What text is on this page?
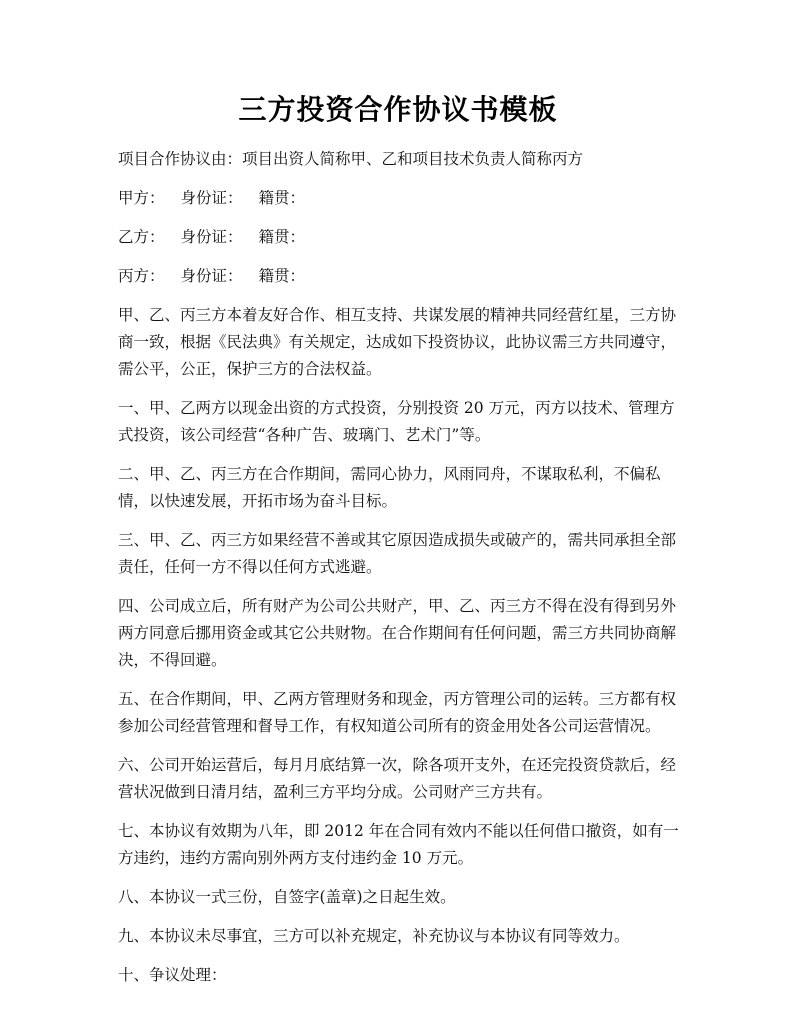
三方投资合作协议书模板

项目合作协议由：项目出资人简称甲、乙和项目技术负责人简称丙方

甲方： 身份证： 籍贯：
乙方： 身份证： 籍贯：
丙方： 身份证： 籍贯：

甲、乙、丙三方本着友好合作、相互支持、共谋发展的精神共同经营红星，三方协
商一致，根据《民法典》有关规定，达成如下投资协议，此协议需三方共同遵守，
需公平，公正，保护三方的合法权益。

一、甲、乙两方以现金出资的方式投资，分别投资 20 万元，丙方以技术、管理方
式投资，该公司经营“各种广告、玻璃门、艺术门”等。

二、甲、乙、丙三方在合作期间，需同心协力，风雨同舟，不谋取私利，不偏私
情，以快速发展，开拓市场为奋斗目标。

三、甲、乙、丙三方如果经营不善或其它原因造成损失或破产的，需共同承担全部
责任，任何一方不得以任何方式逃避。

四、公司成立后，所有财产为公司公共财产，甲、乙、丙三方不得在没有得到另外
两方同意后挪用资金或其它公共财物。在合作期间有任何问题，需三方共同协商解
决，不得回避。

五、在合作期间，甲、乙两方管理财务和现金，丙方管理公司的运转。三方都有权
参加公司经营管理和督导工作，有权知道公司所有的资金用处各公司运营情况。

六、公司开始运营后，每月月底结算一次，除各项开支外，在还完投资贷款后，经
营状况做到日清月结，盈利三方平均分成。公司财产三方共有。

七、本协议有效期为八年，即 2012 年在合同有效内不能以任何借口撤资，如有一
方违约，违约方需向别外两方支付违约金 10 万元。

八、本协议一式三份，自签字(盖章)之日起生效。

九、本协议未尽事宜，三方可以补充规定，补充协议与本协议有同等效力。

十、争议处理：
